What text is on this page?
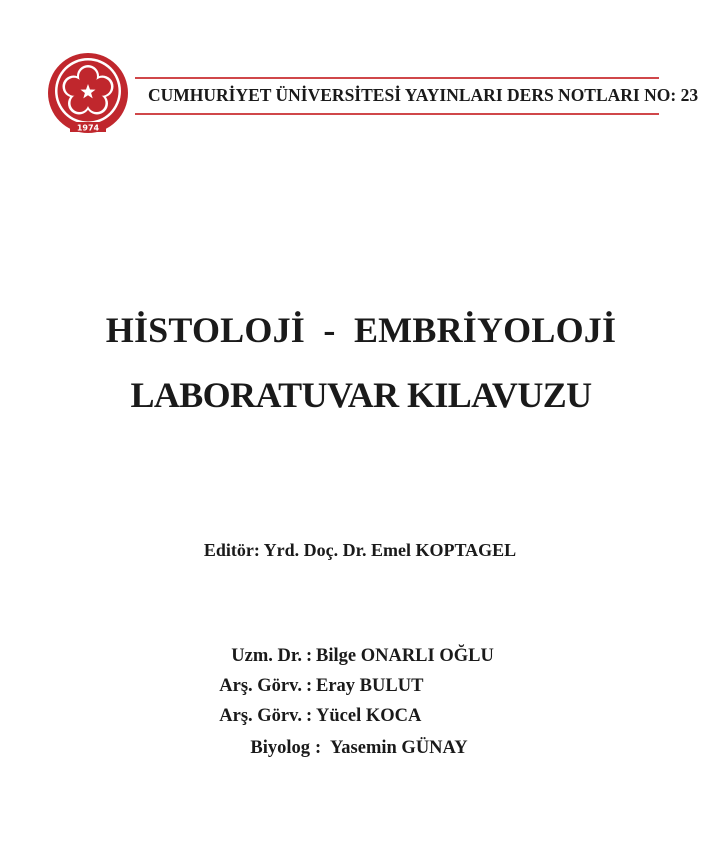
1974
CUMHURİYET ÜNİVERSİTESİ YAYINLARI DERS NOTLARI NO: 23
HİSTOLOJİ  -  EMBRİYOLOJİ
LABORATUVAR KILAVUZU
Editör: Yrd. Doç. Dr. Emel KOPTAGEL
Uzm. Dr. : Bilge ONARLI OĞLU
Arş. Görv. : Eray BULUT
Arş. Görv. : Yücel KOCA
Biyolog : Yasemin GÜNAY
